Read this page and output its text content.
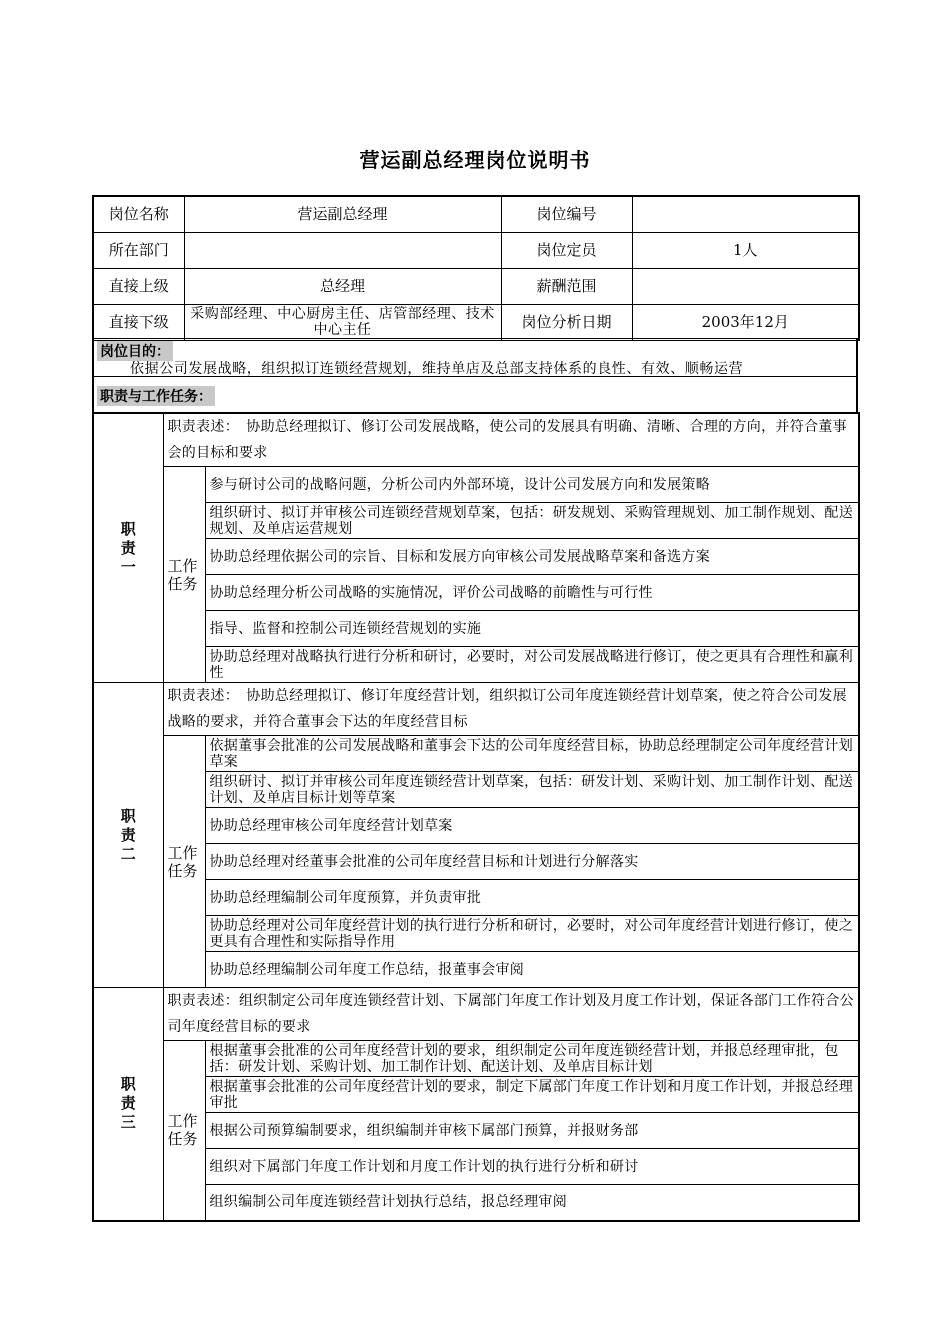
营运副总经理岗位说明书
岗位名称	营运副总经理	岗位编号	
所在部门		岗位定员	1人
直接上级	总经理	薪酬范围	
直接下级	采购部经理、中心厨房主任、店管部经理、技术中心主任	岗位分析日期	2003年12月
岗位目的：
依据公司发展战略，组织拟订连锁经营规划，维持单店及总部支持体系的良性、有效、顺畅运营
职责与工作任务：
职
责
一	职责表述：　协助总经理拟订、修订公司发展战略，使公司的发展具有明确、清晰、合理的方向，并符合董事会的目标和要求	
	工作
任务	参与研讨公司的战略问题，分析公司内外部环境，设计公司发展方向和发展策略
		组织研讨、拟订并审核公司连锁经营规划草案，包括：研发规划、采购管理规划、加工制作规划、配送规划、及单店运营规划
		协助总经理依据公司的宗旨、目标和发展方向审核公司发展战略草案和备选方案
		协助总经理分析公司战略的实施情况，评价公司战略的前瞻性与可行性
		指导、监督和控制公司连锁经营规划的实施
		协助总经理对战略执行进行分析和研讨，必要时，对公司发展战略进行修订，使之更具有合理性和赢利性
职
责
二	职责表述：　协助总经理拟订、修订年度经营计划，组织拟订公司年度连锁经营计划草案，使之符合公司发展战略的要求，并符合董事会下达的年度经营目标	
	工作
任务	依据董事会批准的公司发展战略和董事会下达的公司年度经营目标，协助总经理制定公司年度经营计划草案
		组织研讨、拟订并审核公司年度连锁经营计划草案，包括：研发计划、采购计划、加工制作计划、配送计划、及单店目标计划等草案
		协助总经理审核公司年度经营计划草案
		协助总经理对经董事会批准的公司年度经营目标和计划进行分解落实
		协助总经理编制公司年度预算，并负责审批
		协助总经理对公司年度经营计划的执行进行分析和研讨，必要时，对公司年度经营计划进行修订，使之更具有合理性和实际指导作用
		协助总经理编制公司年度工作总结，报董事会审阅
职
责
三	职责表述：组织制定公司年度连锁经营计划、下属部门年度工作计划及月度工作计划，保证各部门工作符合公司年度经营目标的要求	
	工作
任务	根据董事会批准的公司年度经营计划的要求，组织制定公司年度连锁经营计划，并报总经理审批，包括：研发计划、采购计划、加工制作计划、配送计划、及单店目标计划
		根据董事会批准的公司年度经营计划的要求，制定下属部门年度工作计划和月度工作计划，并报总经理审批
		根据公司预算编制要求，组织编制并审核下属部门预算，并报财务部
		组织对下属部门年度工作计划和月度工作计划的执行进行分析和研讨
		组织编制公司年度连锁经营计划执行总结，报总经理审阅
